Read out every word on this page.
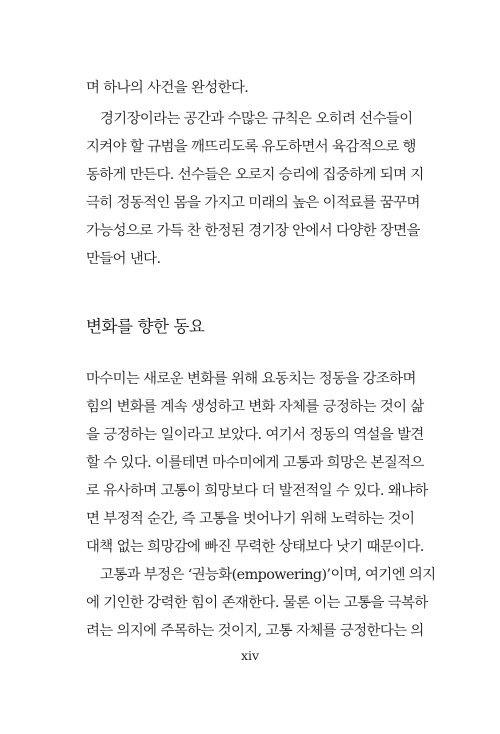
며 하나의 사건을 완성한다.
경기장이라는 공간과 수많은 규칙은 오히려 선수들이
지켜야 할 규범을 깨뜨리도록 유도하면서 육감적으로 행
동하게 만든다. 선수들은 오로지 승리에 집중하게 되며 지
극히 정동적인 몸을 가지고 미래의 높은 이적료를 꿈꾸며
가능성으로 가득 찬 한정된 경기장 안에서 다양한 장면을
만들어 낸다.
변화를 향한 동요
마수미는 새로운 변화를 위해 요동치는 정동을 강조하며
힘의 변화를 계속 생성하고 변화 자체를 긍정하는 것이 삶
을 긍정하는 일이라고 보았다. 여기서 정동의 역설을 발견
할 수 있다. 이를테면 마수미에게 고통과 희망은 본질적으
로 유사하며 고통이 희망보다 더 발전적일 수 있다. 왜냐하
면 부정적 순간, 즉 고통을 벗어나기 위해 노력하는 것이
대책 없는 희망감에 빠진 무력한 상태보다 낫기 때문이다.
고통과 부정은 ‘권능화(empowering)’이며, 여기엔 의지
에 기인한 강력한 힘이 존재한다. 물론 이는 고통을 극복하
려는 의지에 주목하는 것이지, 고통 자체를 긍정한다는 의
xiv
